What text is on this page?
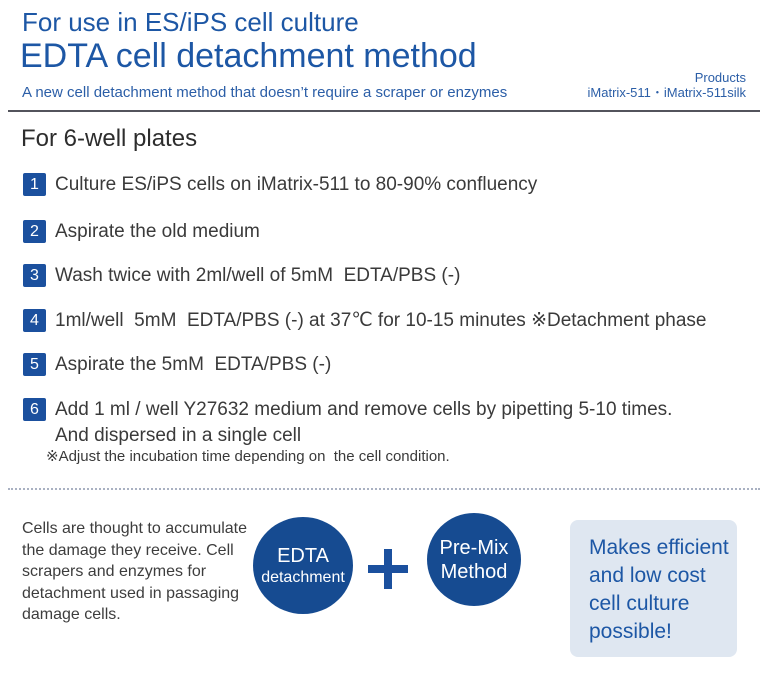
For use in ES/iPS cell culture
EDTA cell detachment method
A new cell detachment method that doesn’t require a scraper or enzymes
Products
iMatrix-511・iMatrix-511silk
For 6-well plates
1 Culture ES/iPS cells on iMatrix-511 to 80-90% confluency
2 Aspirate the old medium
3 Wash twice with 2ml/well of 5mM  EDTA/PBS (-)
4 1ml/well  5mM  EDTA/PBS (-) at 37℃ for 10-15 minutes ※Detachment phase
5 Aspirate the 5mM  EDTA/PBS (-)
6 Add 1 ml / well Y27632 medium and remove cells by pipetting 5-10 times.
And dispersed in a single cell
※Adjust the incubation time depending on  the cell condition.

Cells are thought to accumulate the damage they receive. Cell scrapers and enzymes for detachment used in passaging damage cells.

EDTA
detachment
Pre-Mix
Method
Makes efficient
and low cost
cell culture
possible!
